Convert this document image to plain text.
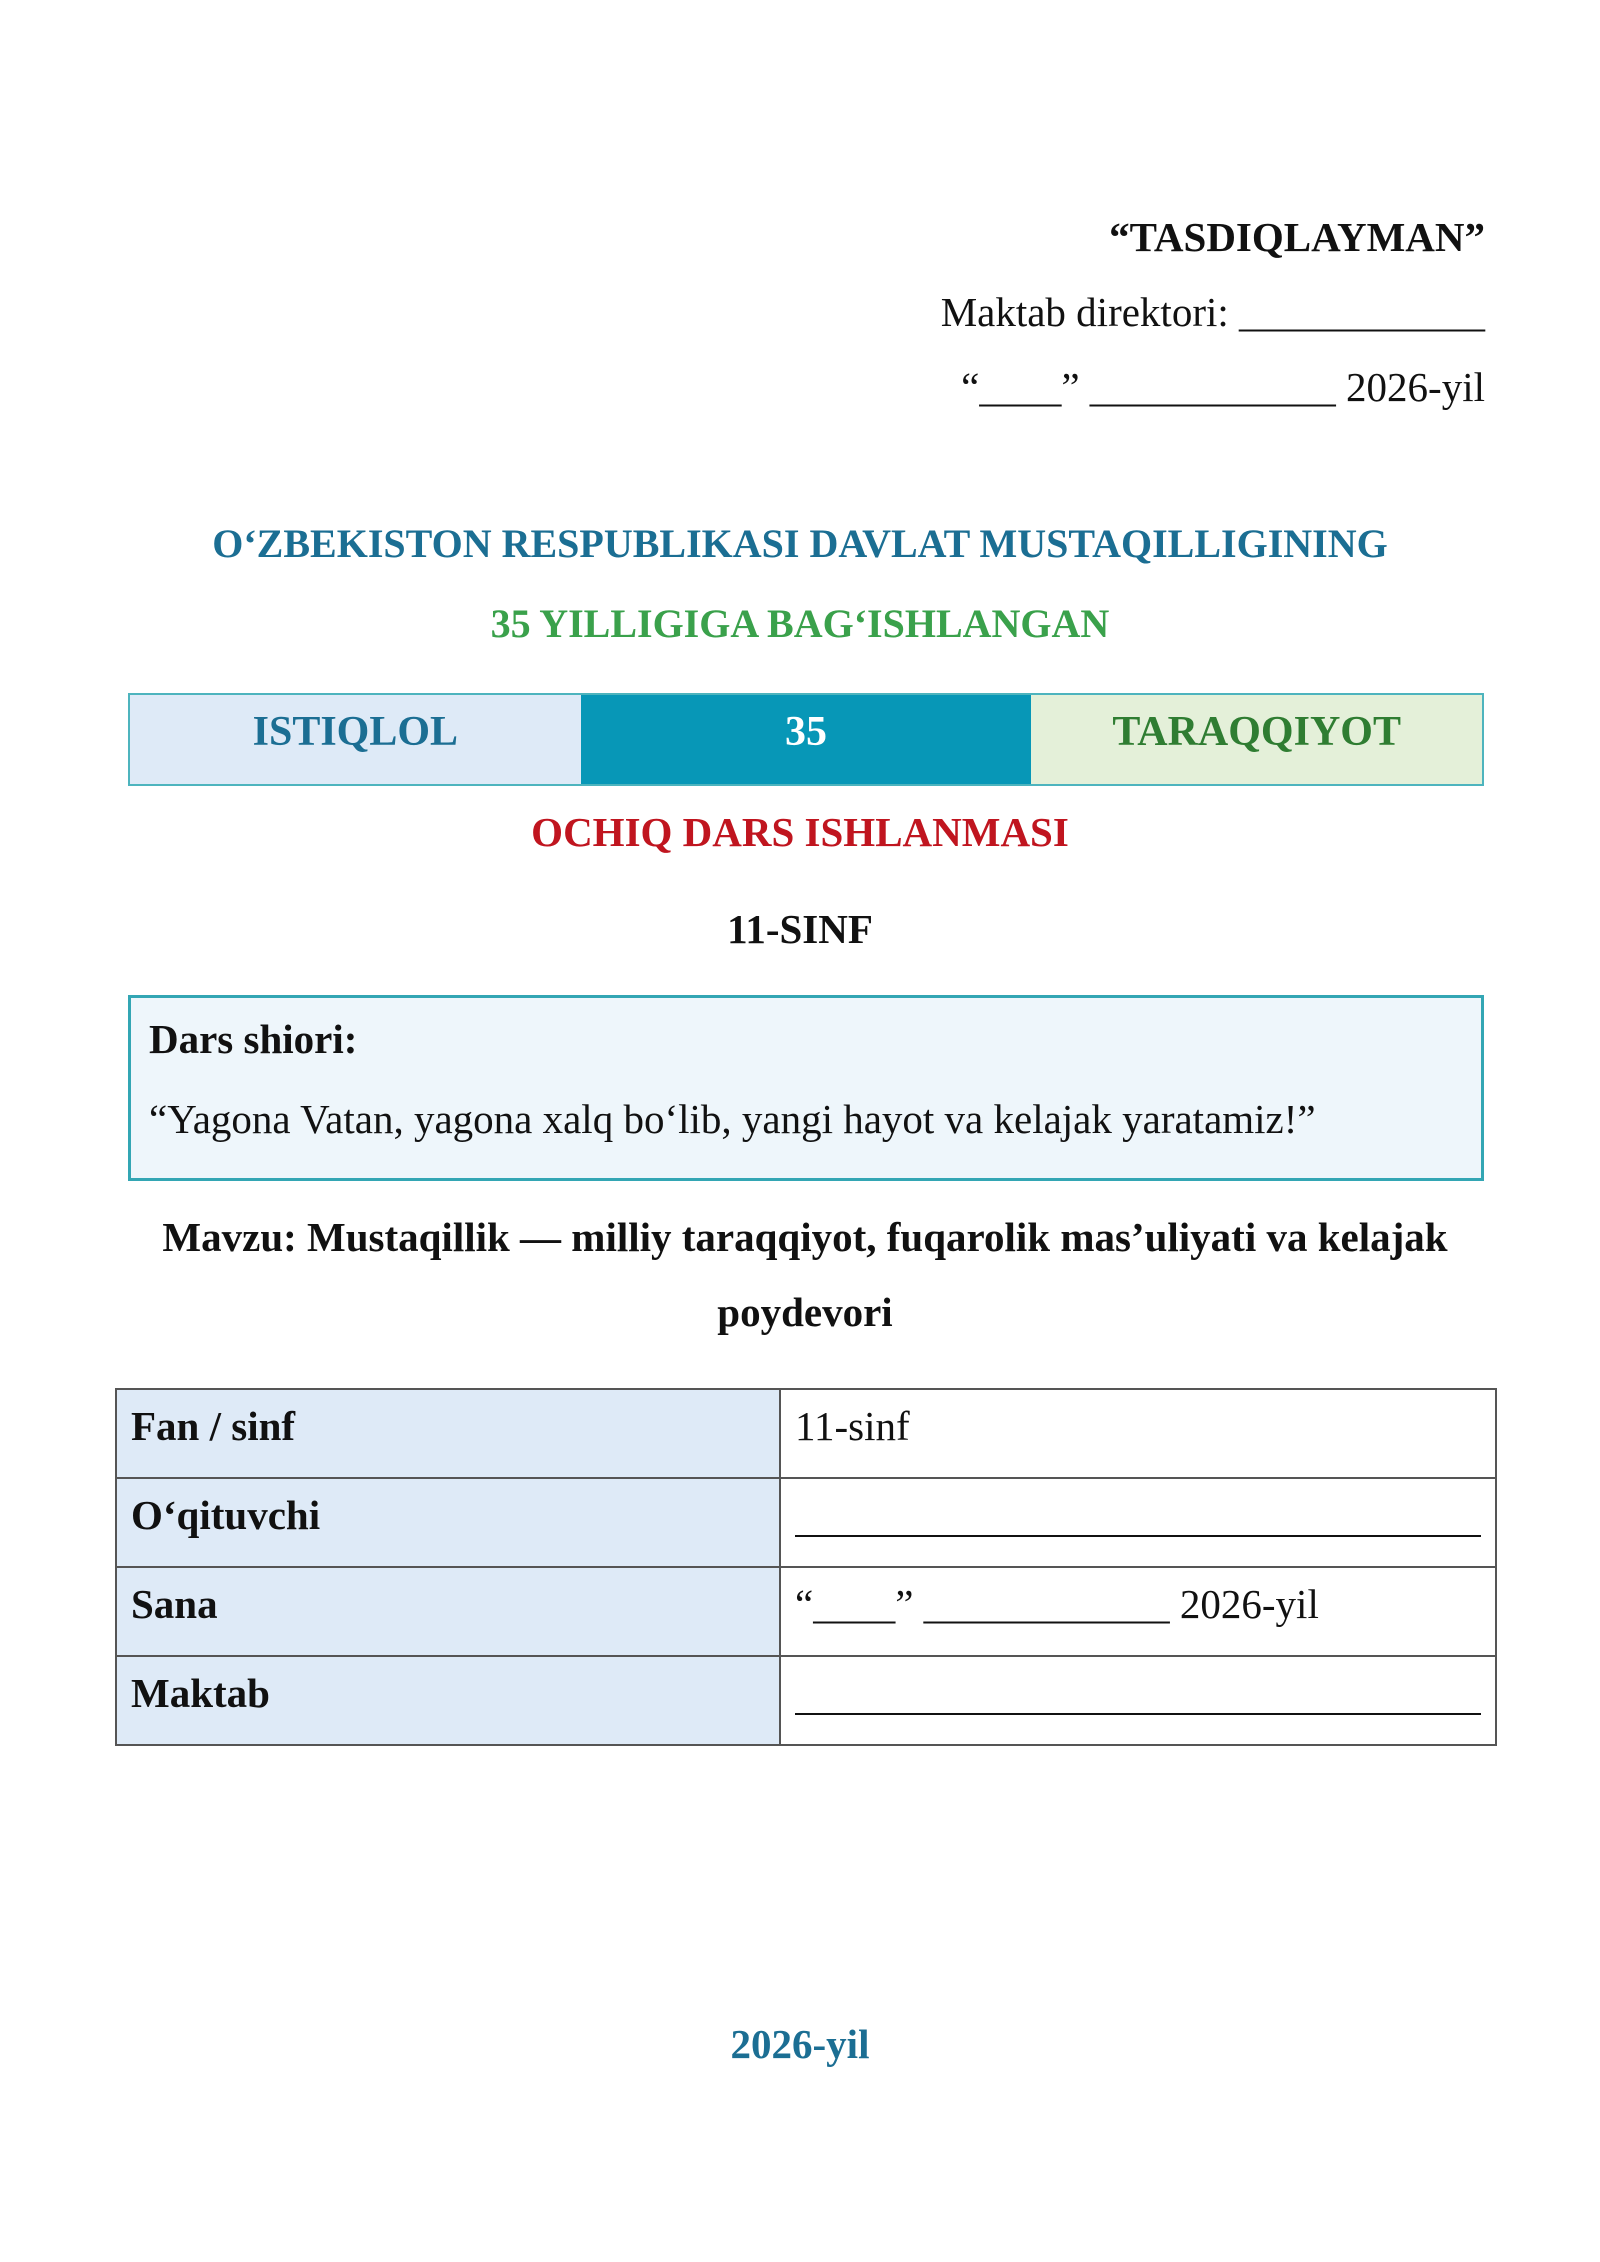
“TASDIQLAYMAN”
Maktab direktori: ____________
“____” ____________ 2026-yil
O‘ZBEKISTON RESPUBLIKASI DAVLAT MUSTAQILLIGINING
35 YILLIGIGA BAG‘ISHLANGAN
ISTIQLOL	35	TARAQQIYOT
OCHIQ DARS ISHLANMASI
11-SINF
Dars shiori:
“Yagona Vatan, yagona xalq bo‘lib, yangi hayot va kelajak yaratamiz!”
Mavzu: Mustaqillik — milliy taraqqiyot, fuqarolik mas’uliyati va kelajak poydevori
Fan / sinf	11-sinf
O‘qituvchi	

Sana	“____” ____________ 2026-yil
Maktab	
2026-yil
